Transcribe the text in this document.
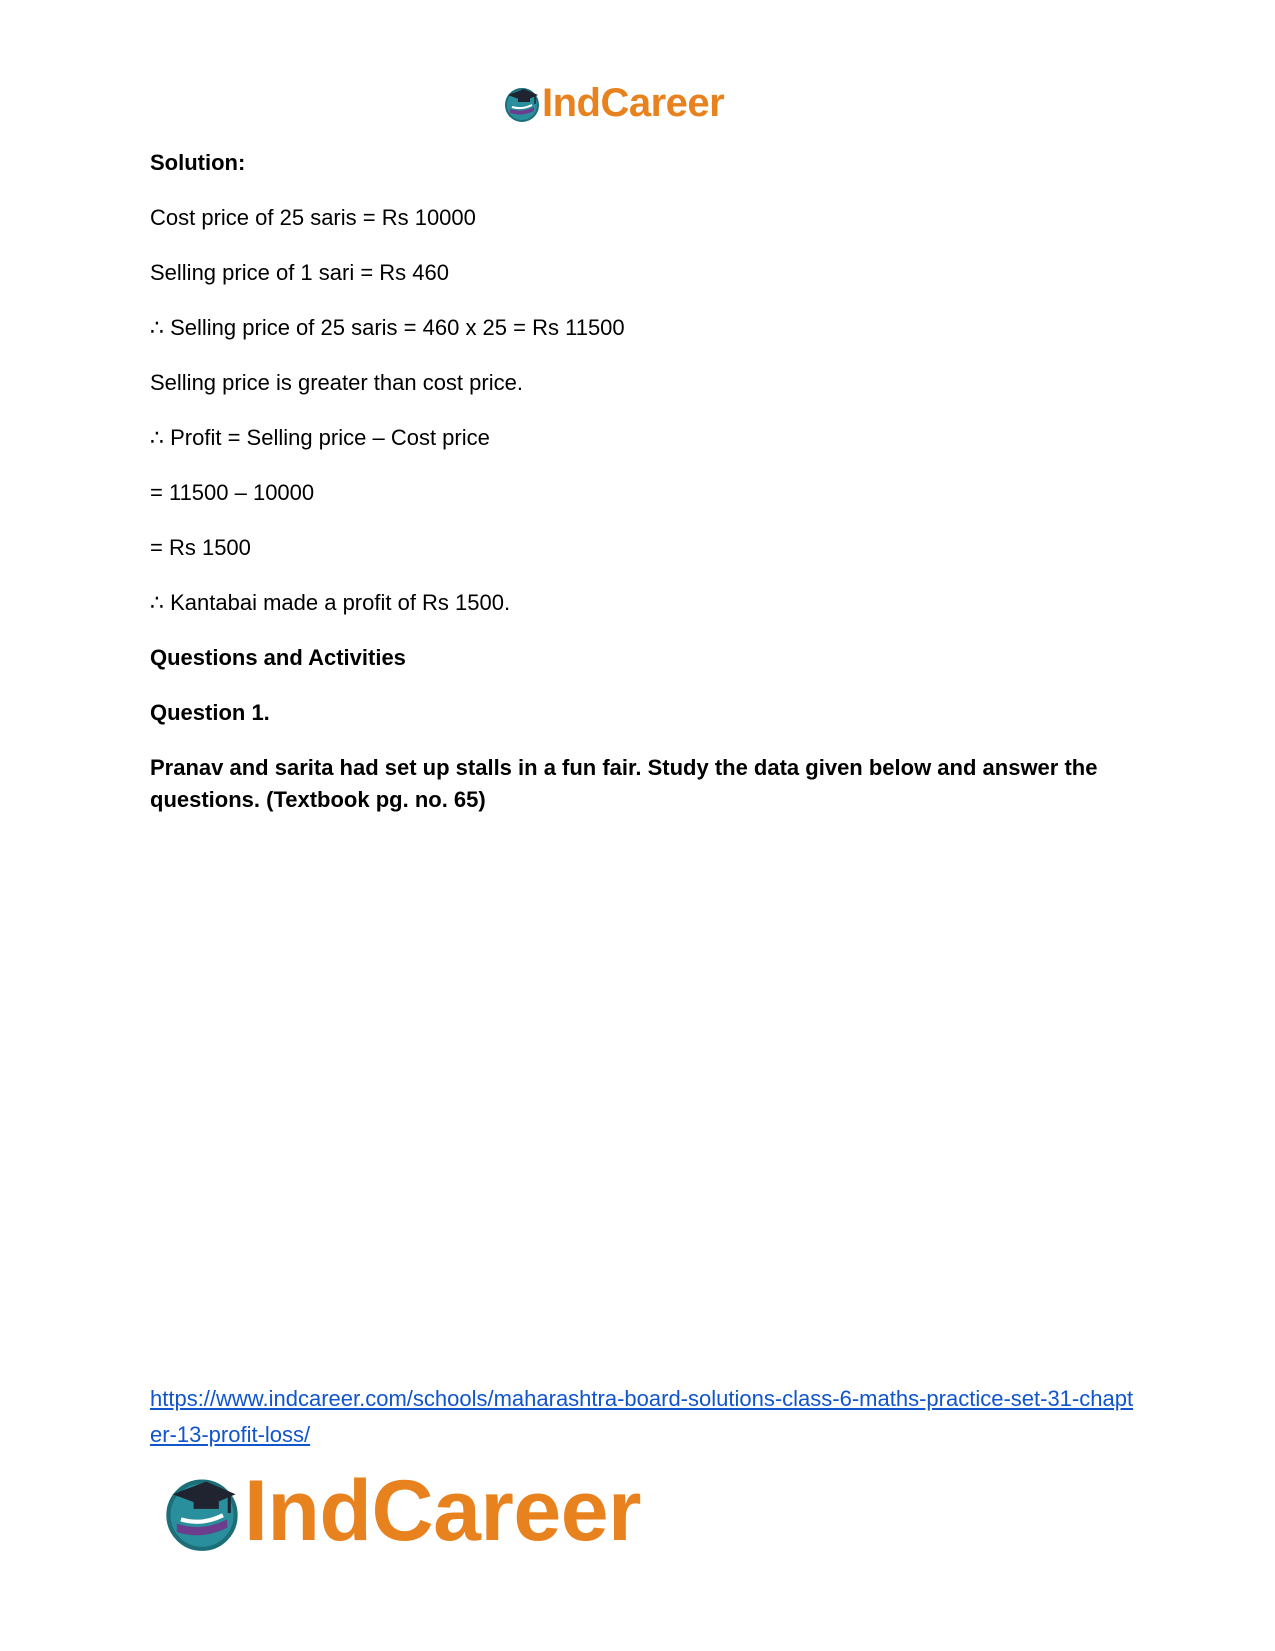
IndCareer

Solution:

Cost price of 25 saris = Rs 10000

Selling price of 1 sari = Rs 460

∴ Selling price of 25 saris = 460 x 25 = Rs 11500

Selling price is greater than cost price.

∴ Profit = Selling price – Cost price

= 11500 – 10000

= Rs 1500

∴ Kantabai made a profit of Rs 1500.

Questions and Activities

Question 1.

Pranav and sarita had set up stalls in a fun fair. Study the data given below and answer the questions. (Textbook pg. no. 65)

https://www.indcareer.com/schools/maharashtra-board-solutions-class-6-maths-practice-set-31-chapter-13-profit-loss/
IndCareer
